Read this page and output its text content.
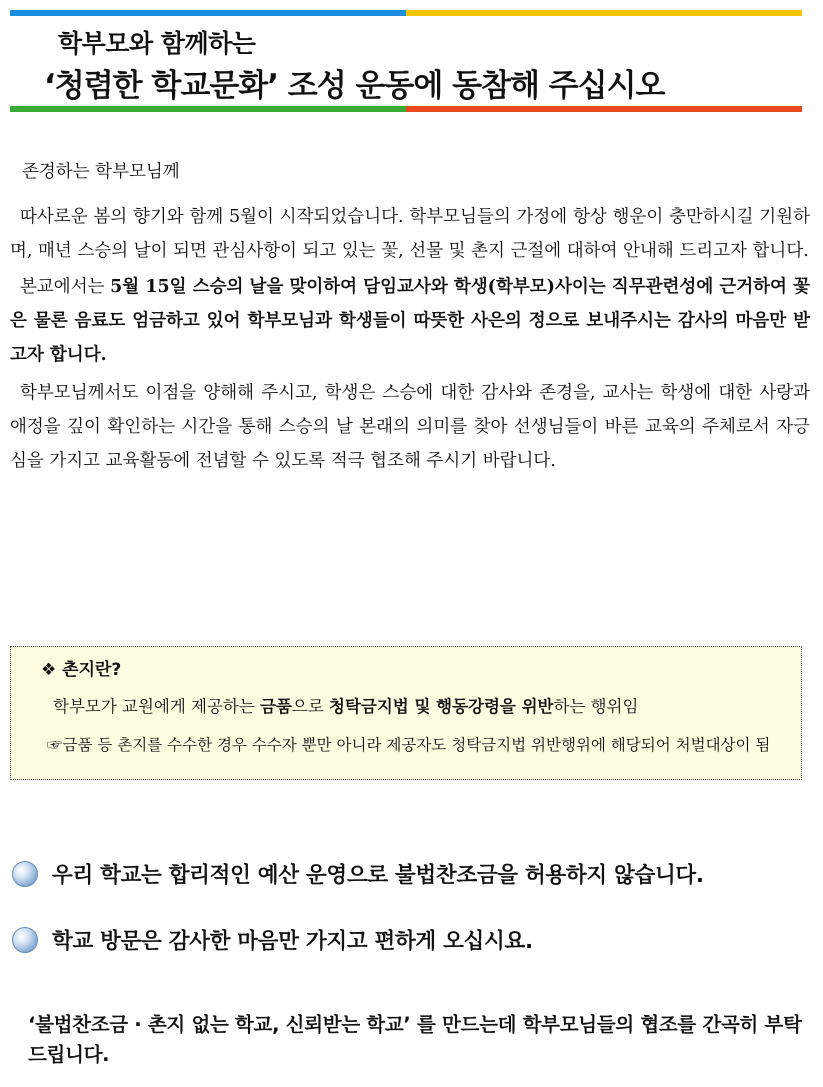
학부모와 함께하는
‘청렴한 학교문화’ 조성 운동에 동참해 주십시오
존경하는 학부모님께

따사로운 봄의 향기와 함께 5월이 시작되었습니다. 학부모님들의 가정에 항상 행운이 충만하시길 기원하며, 매년 스승의 날이 되면 관심사항이 되고 있는 꽃, 선물 및 촌지 근절에 대하여 안내해 드리고자 합니다.

본교에서는 5월 15일 스승의 날을 맞이하여 담임교사와 학생(학부모)사이는 직무관련성에 근거하여 꽃은 물론 음료도 엄금하고 있어 학부모님과 학생들이 따뜻한 사은의 정으로 보내주시는 감사의 마음만 받고자 합니다.

학부모님께서도 이점을 양해해 주시고, 학생은 스승에 대한 감사와 존경을, 교사는 학생에 대한 사랑과 애정을 깊이 확인하는 시간을 통해 스승의 날 본래의 의미를 찾아 선생님들이 바른 교육의 주체로서 자긍심을 가지고 교육활동에 전념할 수 있도록 적극 협조해 주시기 바랍니다.

❖ 촌지란?
학부모가 교원에게 제공하는 금품으로 청탁금지법 및 행동강령을 위반하는 행위임
☞금품 등 촌지를 수수한 경우 수수자 뿐만 아니라 제공자도 청탁금지법 위반행위에 해당되어 처벌대상이 됨
우리 학교는 합리적인 예산 운영으로 불법찬조금을 허용하지 않습니다.
학교 방문은 감사한 마음만 가지고 편하게 오십시요.
‘불법찬조금 · 촌지 없는 학교, 신뢰받는 학교’ 를 만드는데 학부모님들의 협조를 간곡히 부탁드립니다.
